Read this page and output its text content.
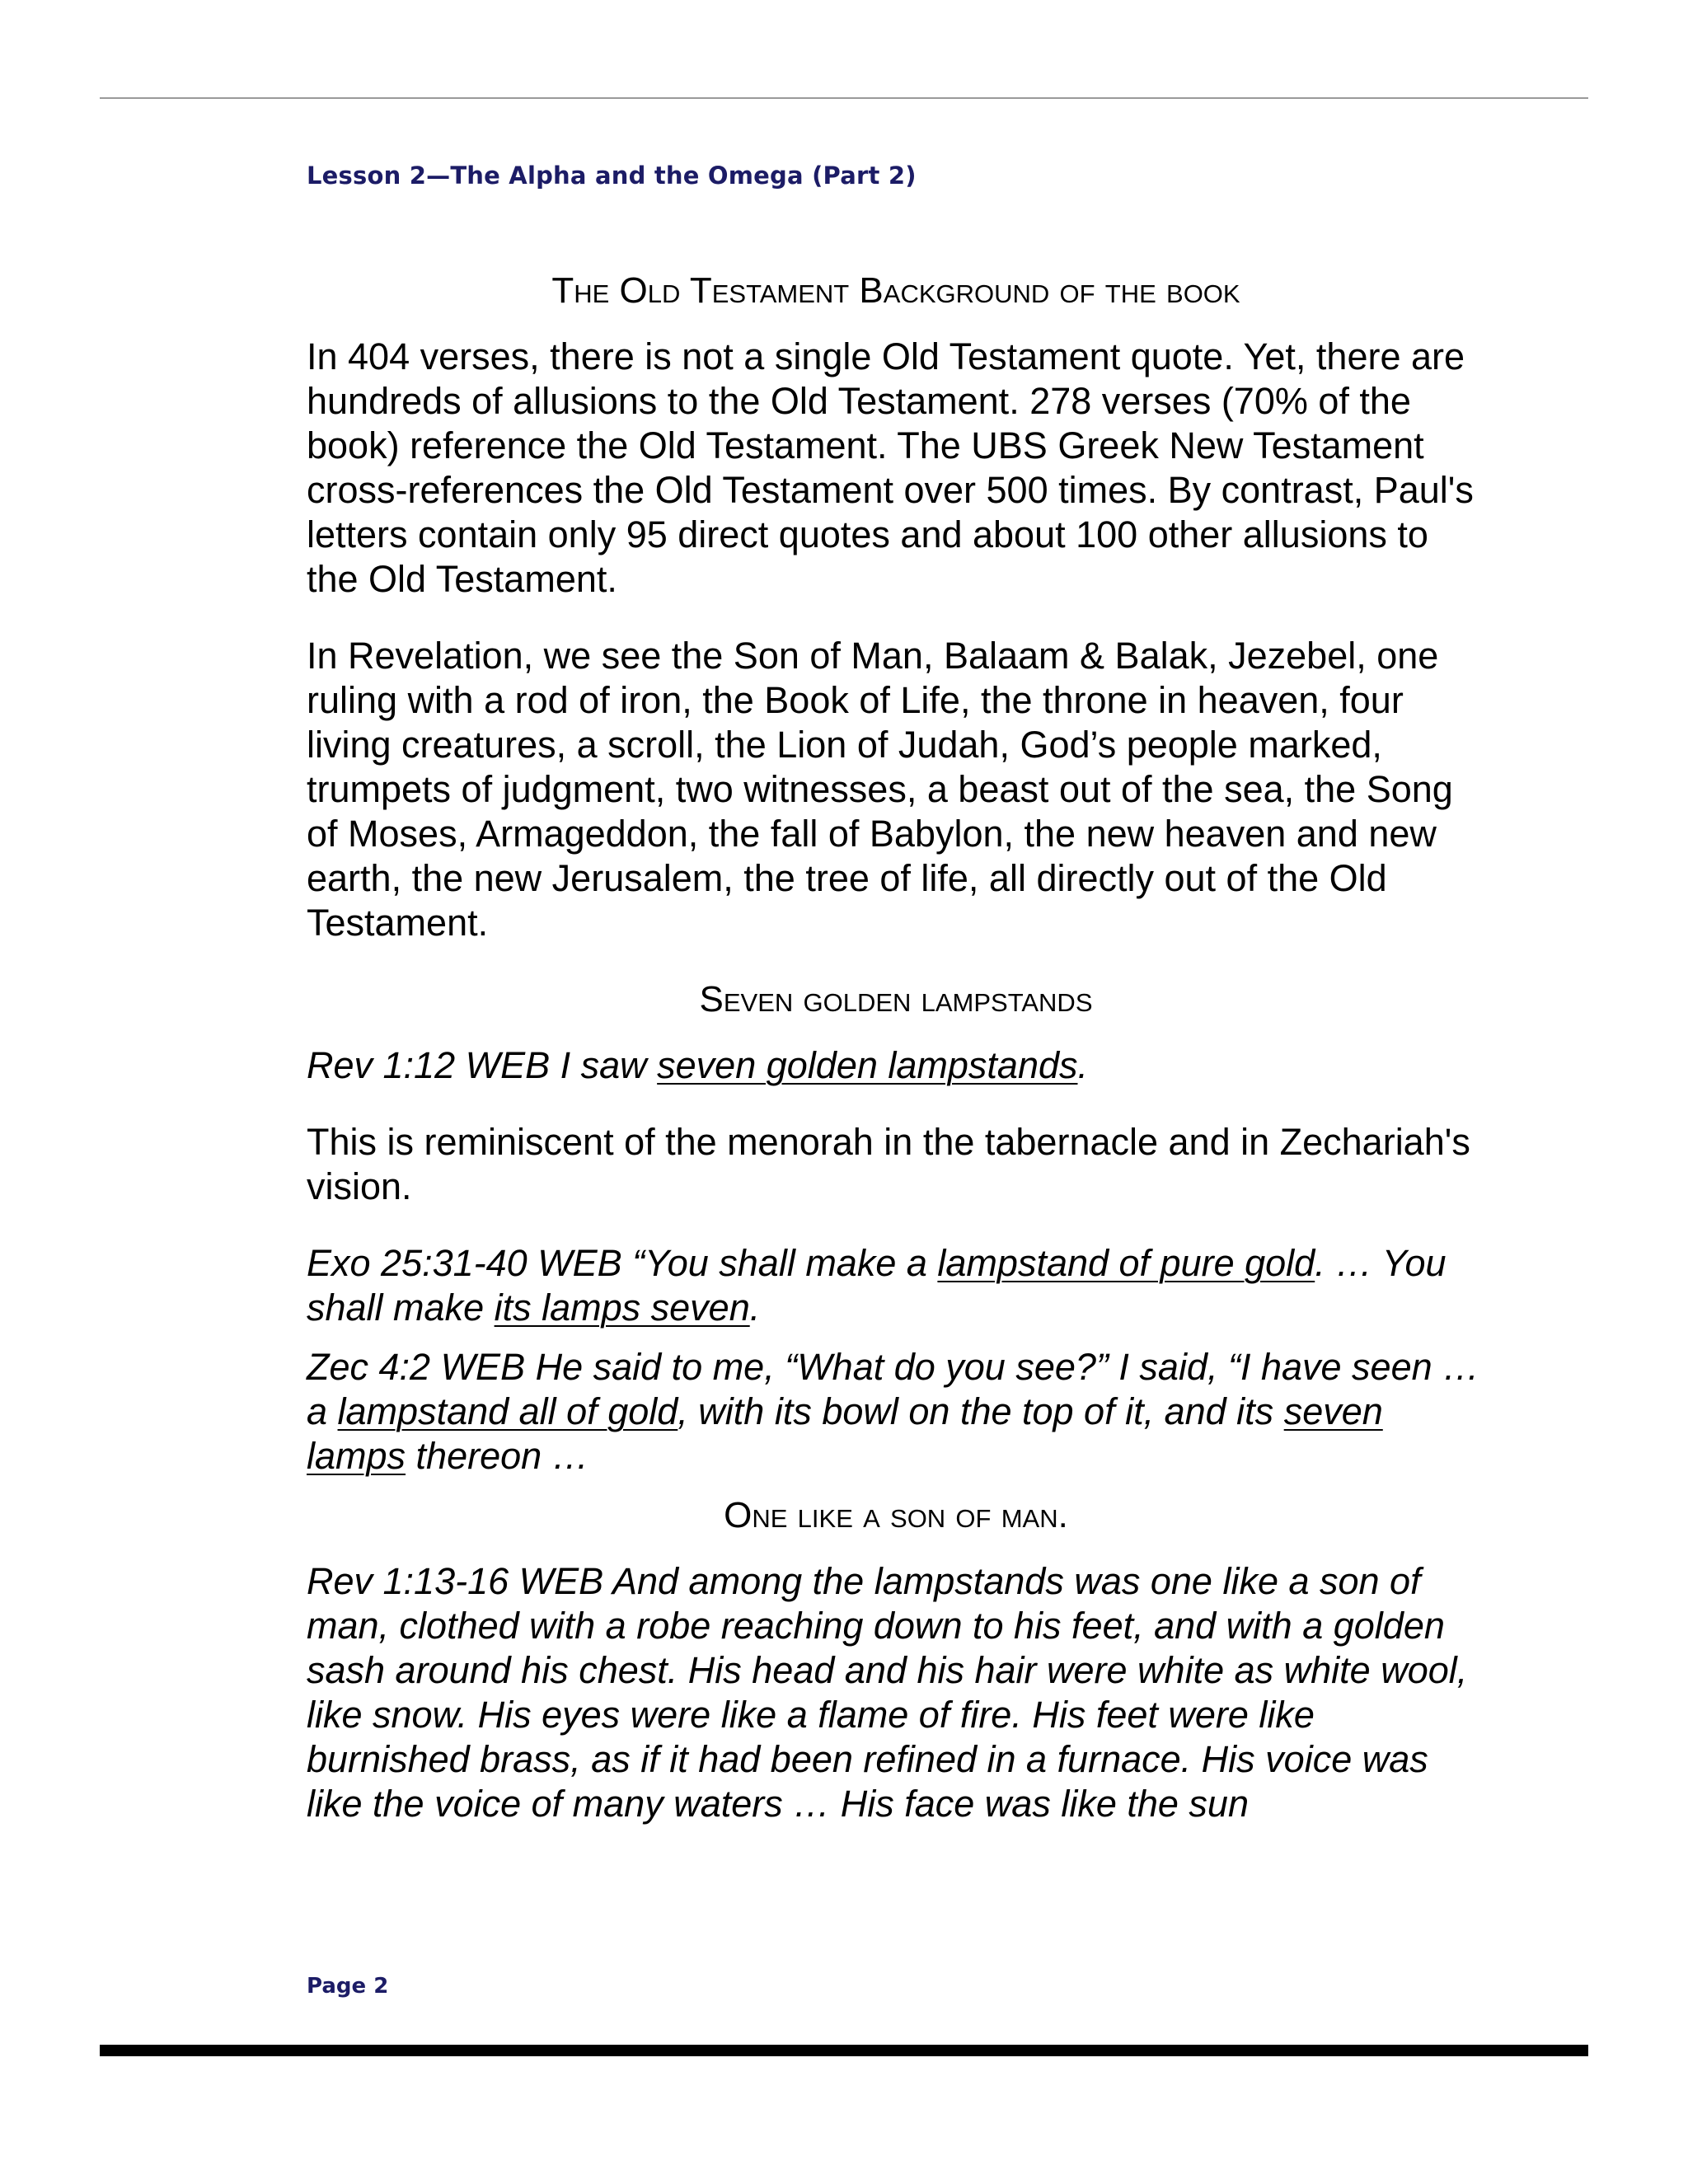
Lesson 2—The Alpha and the Omega (Part 2)
The Old Testament Background of the book

In 404 verses, there is not a single Old Testament quote. Yet, there are hundreds of allusions to the Old Testament. 278 verses (70% of the book) reference the Old Testament. The UBS Greek New Testament cross-references the Old Testament over 500 times. By contrast, Paul's letters contain only 95 direct quotes and about 100 other allusions to the Old Testament.

In Revelation, we see the Son of Man, Balaam & Balak, Jezebel, one ruling with a rod of iron, the Book of Life, the throne in heaven, four living creatures, a scroll, the Lion of Judah, God’s people marked, trumpets of judgment, two witnesses, a beast out of the sea, the Song of Moses, Armageddon, the fall of Babylon, the new heaven and new earth, the new Jerusalem, the tree of life, all directly out of the Old Testament.

Seven golden lampstands

Rev 1:12 WEB I saw seven golden lampstands.

This is reminiscent of the menorah in the tabernacle and in Zechariah's vision.

Exo 25:31-40 WEB “You shall make a lampstand of pure gold. … You shall make its lamps seven.

Zec 4:2 WEB He said to me, “What do you see?” I said, “I have seen …a lampstand all of gold, with its bowl on the top of it, and its seven lamps thereon …

One like a son of man.

Rev 1:13-16 WEB And among the lampstands was one like a son of man, clothed with a robe reaching down to his feet, and with a golden sash around his chest. His head and his hair were white as white wool, like snow. His eyes were like a flame of fire. His feet were like burnished brass, as if it had been refined in a furnace. His voice was like the voice of many waters … His face was like the sun

Page 2
